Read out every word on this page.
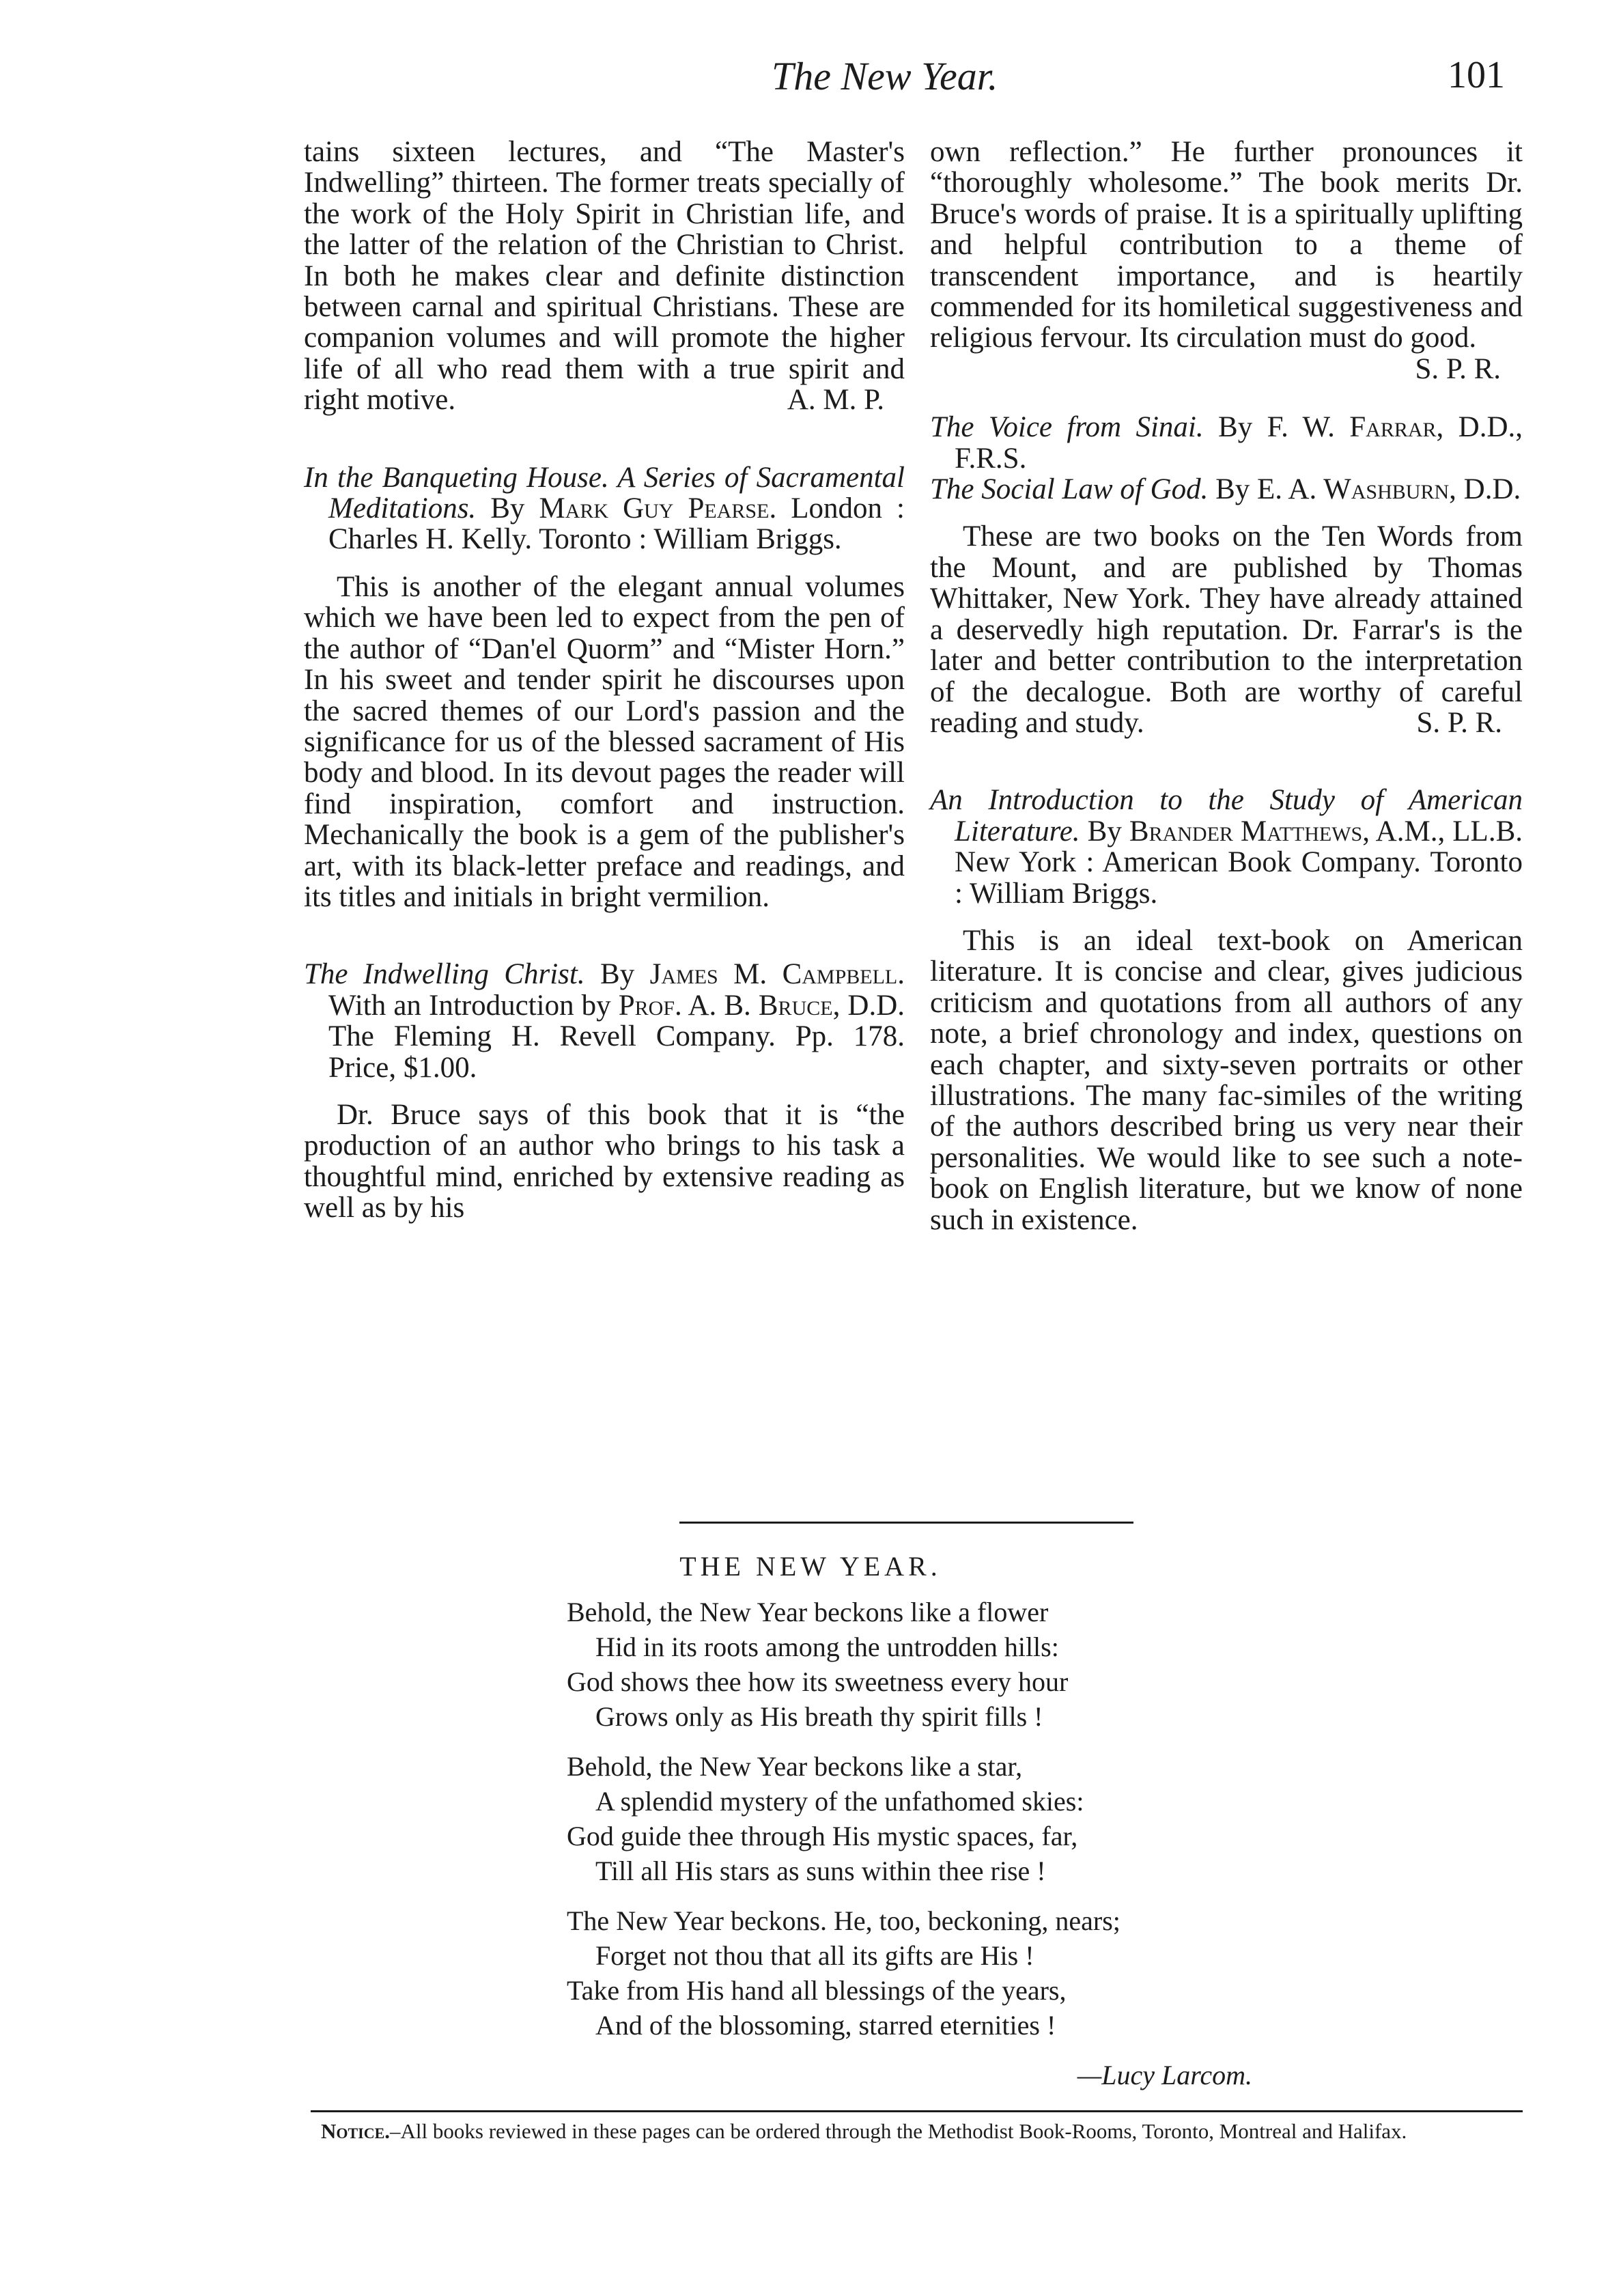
The New Year.	101

tains sixteen lectures, and “The Master's Indwelling” thirteen. The former treats specially of the work of the Holy Spirit in Christian life, and the latter of the relation of the Christian to Christ. In both he makes clear and definite distinction between carnal and spiritual Christians. These are companion volumes and will promote the higher life of all who read them with a true spirit and right motive.	A. M. P.

In the Banqueting House. A Series of Sacramental Meditations. By Mark Guy Pearse. London : Charles H. Kelly. Toronto : William Briggs.

This is another of the elegant annual volumes which we have been led to expect from the pen of the author of “Dan'el Quorm” and “Mister Horn.” In his sweet and tender spirit he discourses upon the sacred themes of our Lord's passion and the significance for us of the blessed sacrament of His body and blood. In its devout pages the reader will find inspiration, comfort and instruction. Mechanically the book is a gem of the publisher's art, with its black-letter preface and readings, and its titles and initials in bright vermilion.

The Indwelling Christ. By James M. Campbell. With an Introduction by Prof. A. B. Bruce, D.D. The Fleming H. Revell Company. Pp. 178. Price, $1.00.

Dr. Bruce says of this book that it is “the production of an author who brings to his task a thoughtful mind, enriched by extensive reading as well as by his

own reflection.” He further pronounces it “thoroughly wholesome.” The book merits Dr. Bruce's words of praise. It is a spiritually uplifting and helpful contribution to a theme of transcendent importance, and is heartily commended for its homiletical suggestiveness and religious fervour. Its circulation must do good.

S. P. R.

The Voice from Sinai. By F. W. Farrar, D.D., F.R.S.

The Social Law of God. By E. A. Washburn, D.D.

These are two books on the Ten Words from the Mount, and are published by Thomas Whittaker, New York. They have already attained a deservedly high reputation. Dr. Farrar's is the later and better contribution to the interpretation of the decalogue. Both are worthy of careful reading and study.	S. P. R.

An Introduction to the Study of American Literature. By Brander Matthews, A.M., LL.B. New York : American Book Company. Toronto : William Briggs.

This is an ideal text-book on American literature. It is concise and clear, gives judicious criticism and quotations from all authors of any note, a brief chronology and index, questions on each chapter, and sixty-seven portraits or other illustrations. The many fac-similes of the writing of the authors described bring us very near their personalities. We would like to see such a note-book on English literature, but we know of none such in existence.

THE NEW YEAR.
Behold, the New Year beckons like a flower
Hid in its roots among the untrodden hills:
God shows thee how its sweetness every hour
Grows only as His breath thy spirit fills !
Behold, the New Year beckons like a star,
A splendid mystery of the unfathomed skies:
God guide thee through His mystic spaces, far,
Till all His stars as suns within thee rise !
The New Year beckons. He, too, beckoning, nears;
Forget not thou that all its gifts are His !
Take from His hand all blessings of the years,
And of the blossoming, starred eternities !
—Lucy Larcom.
Notice.–All books reviewed in these pages can be ordered through the Methodist Book-Rooms, Toronto, Montreal and Halifax.
